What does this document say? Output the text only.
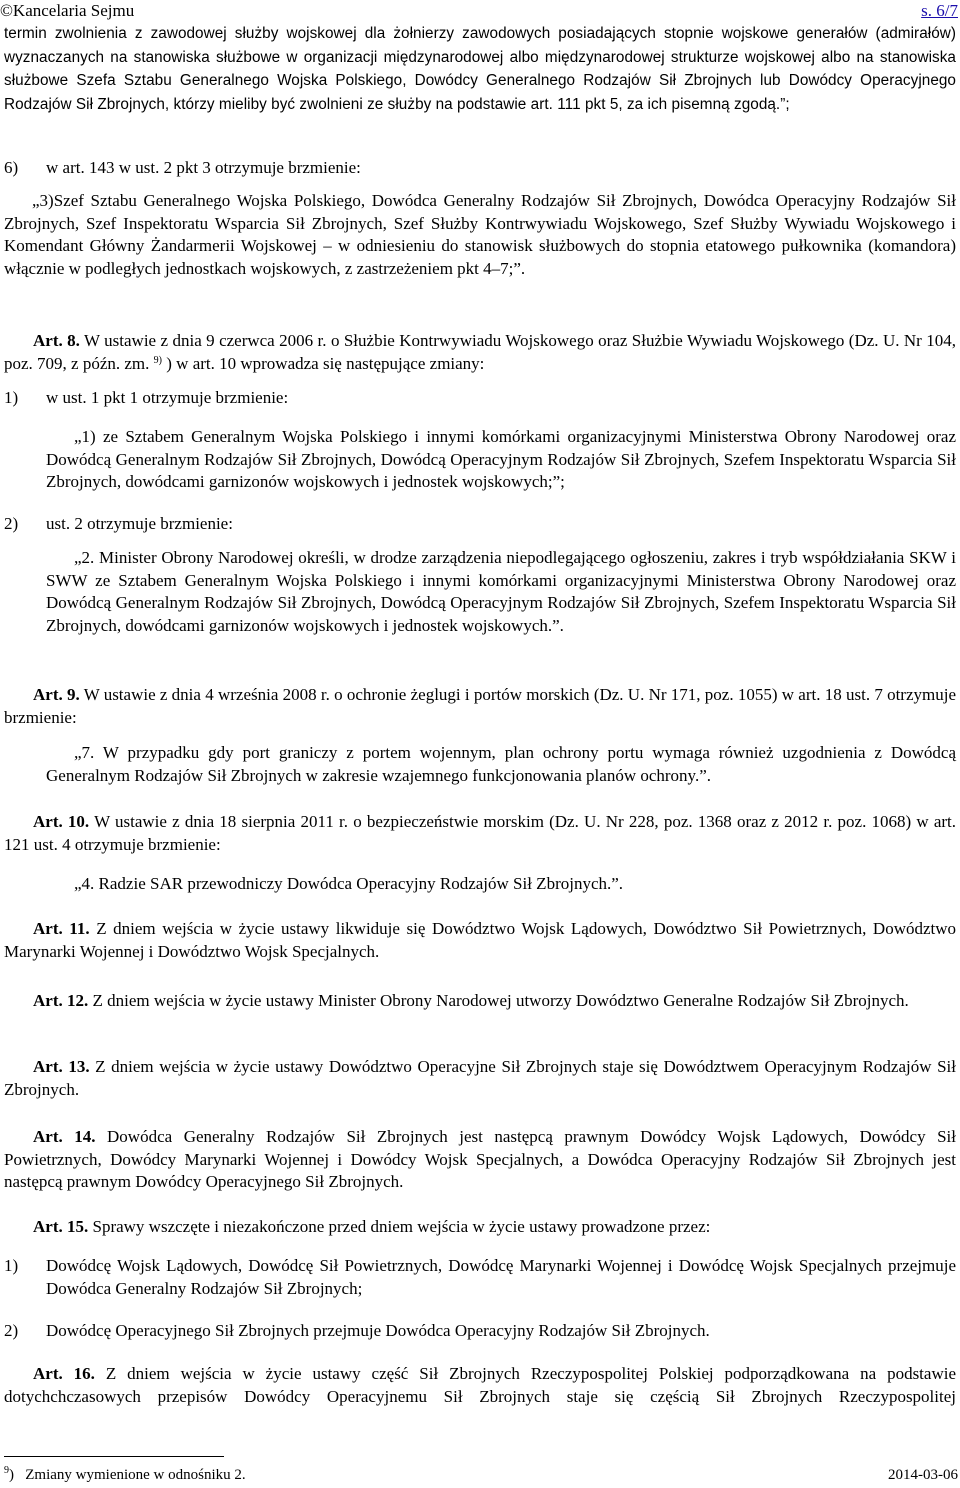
©Kancelaria Sejmu	s. 6/7

termin zwolnienia z zawodowej służby wojskowej dla żołnierzy zawodowych posiadających stopnie wojskowe generałów (admirałów) wyznaczanych na stanowiska służbowe w organizacji międzynarodowej albo międzynarodowej strukturze wojskowej albo na stanowiska służbowe Szefa Sztabu Generalnego Wojska Polskiego, Dowódcy Generalnego Rodzajów Sił Zbrojnych lub Dowódcy Operacyjnego Rodzajów Sił Zbrojnych, którzy mieliby być zwolnieni ze służby na podstawie art. 111 pkt 5, za ich pisemną zgodą.”;

6)	w art. 143 w ust. 2 pkt 3 otrzymuje brzmienie:

„3)Szef Sztabu Generalnego Wojska Polskiego, Dowódca Generalny Rodzajów Sił Zbrojnych, Dowódca Operacyjny Rodzajów Sił Zbrojnych, Szef Inspektoratu Wsparcia Sił Zbrojnych, Szef Służby Kontrwywiadu Wojskowego, Szef Służby Wywiadu Wojskowego i Komendant Główny Żandarmerii Wojskowej – w odniesieniu do stanowisk służbowych do stopnia etatowego pułkownika (komandora) włącznie w podległych jednostkach wojskowych, z zastrzeżeniem pkt 4–7;”.

Art. 8. W ustawie z dnia 9 czerwca 2006 r. o Służbie Kontrwywiadu Wojskowego oraz Służbie Wywiadu Wojskowego (Dz. U. Nr 104, poz. 709, z późn. zm. $^{9)}$ ) w art. 10 wprowadza się następujące zmiany:

1)	w ust. 1 pkt 1 otrzymuje brzmienie:

„1) ze Sztabem Generalnym Wojska Polskiego i innymi komórkami organizacyjnymi Ministerstwa Obrony Narodowej oraz Dowódcą Generalnym Rodzajów Sił Zbrojnych, Dowódcą Operacyjnym Rodzajów Sił Zbrojnych, Szefem Inspektoratu Wsparcia Sił Zbrojnych, dowódcami garnizonów wojskowych i jednostek wojskowych;”;

2)	ust. 2 otrzymuje brzmienie:

„2. Minister Obrony Narodowej określi, w drodze zarządzenia niepodlegającego ogłoszeniu, zakres i tryb współdziałania SKW i SWW ze Sztabem Generalnym Wojska Polskiego i innymi komórkami organizacyjnymi Ministerstwa Obrony Narodowej oraz Dowódcą Generalnym Rodzajów Sił Zbrojnych, Dowódcą Operacyjnym Rodzajów Sił Zbrojnych, Szefem Inspektoratu Wsparcia Sił Zbrojnych, dowódcami garnizonów wojskowych i jednostek wojskowych.”.

Art. 9. W ustawie z dnia 4 września 2008 r. o ochronie żeglugi i portów morskich (Dz. U. Nr 171, poz. 1055) w art. 18 ust. 7 otrzymuje brzmienie:

„7. W przypadku gdy port graniczy z portem wojennym, plan ochrony portu wymaga również uzgodnienia z Dowódcą Generalnym Rodzajów Sił Zbrojnych w zakresie wzajemnego funkcjonowania planów ochrony.”.

Art. 10. W ustawie z dnia 18 sierpnia 2011 r. o bezpieczeństwie morskim (Dz. U. Nr 228, poz. 1368 oraz z 2012 r. poz. 1068) w art. 121 ust. 4 otrzymuje brzmienie:

„4. Radzie SAR przewodniczy Dowódca Operacyjny Rodzajów Sił Zbrojnych.”.

Art. 11. Z dniem wejścia w życie ustawy likwiduje się Dowództwo Wojsk Lądowych, Dowództwo Sił Powietrznych, Dowództwo Marynarki Wojennej i Dowództwo Wojsk Specjalnych.

Art. 12. Z dniem wejścia w życie ustawy Minister Obrony Narodowej utworzy Dowództwo Generalne Rodzajów Sił Zbrojnych.

Art. 13. Z dniem wejścia w życie ustawy Dowództwo Operacyjne Sił Zbrojnych staje się Dowództwem Operacyjnym Rodzajów Sił Zbrojnych.

Art. 14. Dowódca Generalny Rodzajów Sił Zbrojnych jest następcą prawnym Dowódcy Wojsk Lądowych, Dowódcy Sił Powietrznych, Dowódcy Marynarki Wojennej i Dowódcy Wojsk Specjalnych, a Dowódca Operacyjny Rodzajów Sił Zbrojnych jest następcą prawnym Dowódcy Operacyjnego Sił Zbrojnych.

Art. 15. Sprawy wszczęte i niezakończone przed dniem wejścia w życie ustawy prowadzone przez:

1)	Dowódcę Wojsk Lądowych, Dowódcę Sił Powietrznych, Dowódcę Marynarki Wojennej i Dowódcę Wojsk Specjalnych przejmuje Dowódca Generalny Rodzajów Sił Zbrojnych;

2)	Dowódcę Operacyjnego Sił Zbrojnych przejmuje Dowódca Operacyjny Rodzajów Sił Zbrojnych.

Art. 16. Z dniem wejścia w życie ustawy część Sił Zbrojnych Rzeczypospolitej Polskiej podporządkowana na podstawie dotychchczasowych przepisów Dowódcy Operacyjnemu Sił Zbrojnych staje się częścią Sił Zbrojnych Rzeczypospolitej

$^9$) Zmiany wymienione w odnośniku 2.	2014-03-06
